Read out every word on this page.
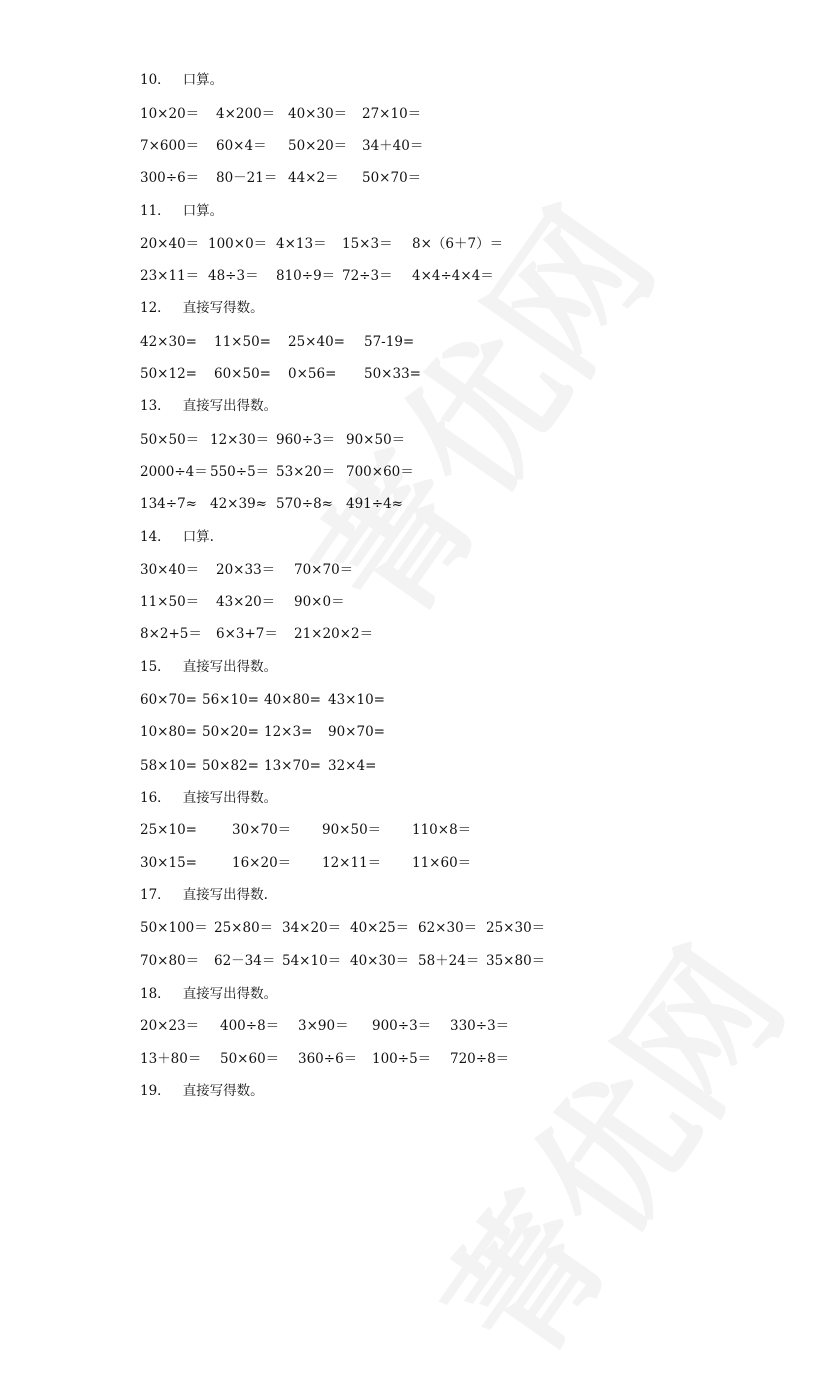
10． 口算。
10×20＝ 4×200＝ 40×30＝ 27×10＝
7×600＝ 60×4＝ 50×20＝ 34＋40＝
300÷6＝ 80－21＝ 44×2＝ 50×70＝
11． 口算。
20×40＝ 100×0＝ 4×13＝ 15×3＝ 8×（6＋7）＝
23×11＝ 48÷3＝ 810÷9＝ 72÷3＝ 4×4÷4×4＝
12． 直接写得数。
42×30= 11×50= 25×40= 57-19=
50×12= 60×50= 0×56= 50×33=
13． 直接写出得数。
50×50＝ 12×30＝ 960÷3＝ 90×50＝
2000÷4＝ 550÷5＝ 53×20＝ 700×60＝
134÷7≈ 42×39≈ 570÷8≈ 491÷4≈
14． 口算.
30×40＝ 20×33＝ 70×70＝
11×50＝ 43×20＝ 90×0＝
8×2+5＝ 6×3+7＝ 21×20×2＝
15． 直接写出得数。
60×70= 56×10= 40×80= 43×10=
10×80= 50×20= 12×3= 90×70=
58×10= 50×82= 13×70= 32×4=
16． 直接写出得数。
25×10=	30×70＝ 90×50＝ 110×8＝
30×15=	16×20＝ 12×11＝ 11×60＝
17． 直接写出得数.
50×100＝ 25×80＝ 34×20＝ 40×25＝ 62×30＝ 25×30＝
70×80＝ 62－34＝ 54×10＝ 40×30＝ 58＋24＝ 35×80＝
18． 直接写出得数。
20×23＝ 400÷8＝ 3×90＝ 900÷3＝ 330÷3＝
13＋80＝ 50×60＝ 360÷6＝ 100÷5＝ 720÷8＝
19． 直接写得数。
